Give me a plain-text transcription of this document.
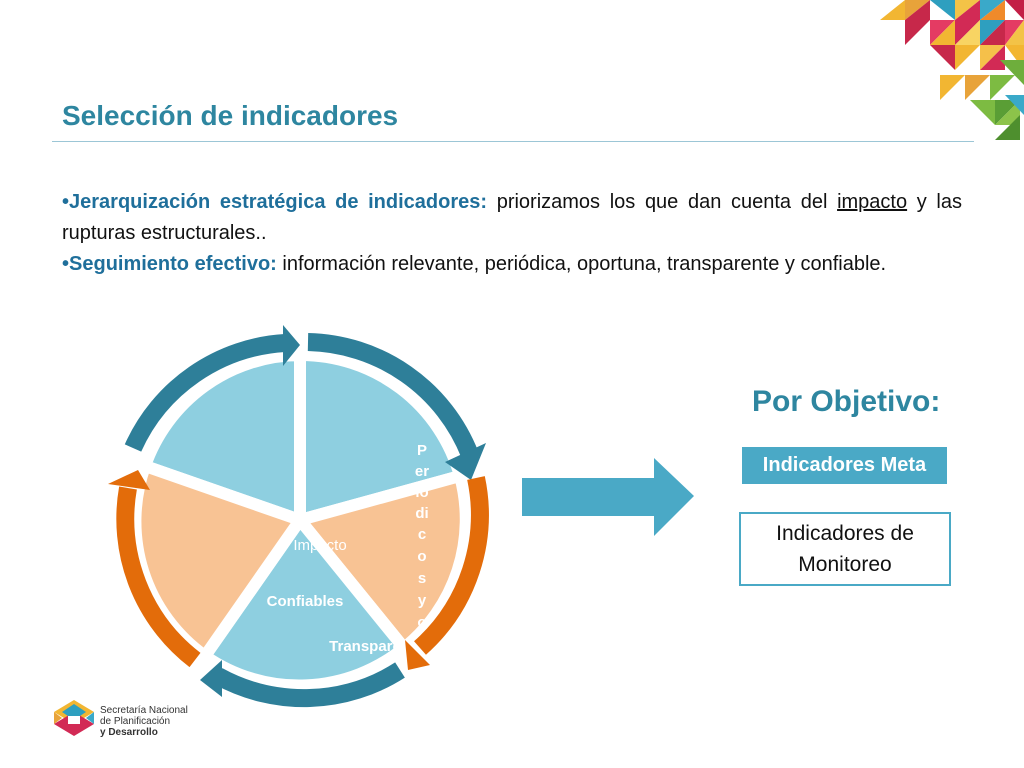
Selección de indicadores

•Jerarquización estratégica de indicadores: priorizamos los que dan cuenta del impacto y las rupturas estructurales..

•Seguimiento efectivo: información relevante, periódica, oportuna, transparente y confiable.

Impacto
Confiables
Transpare
P
er
io
di
c
o
s
y
o
Secretaría Nacional
de Planificación

y Desarrollo
Por Objetivo:
Indicadores Meta
Indicadores de
Monitoreo
